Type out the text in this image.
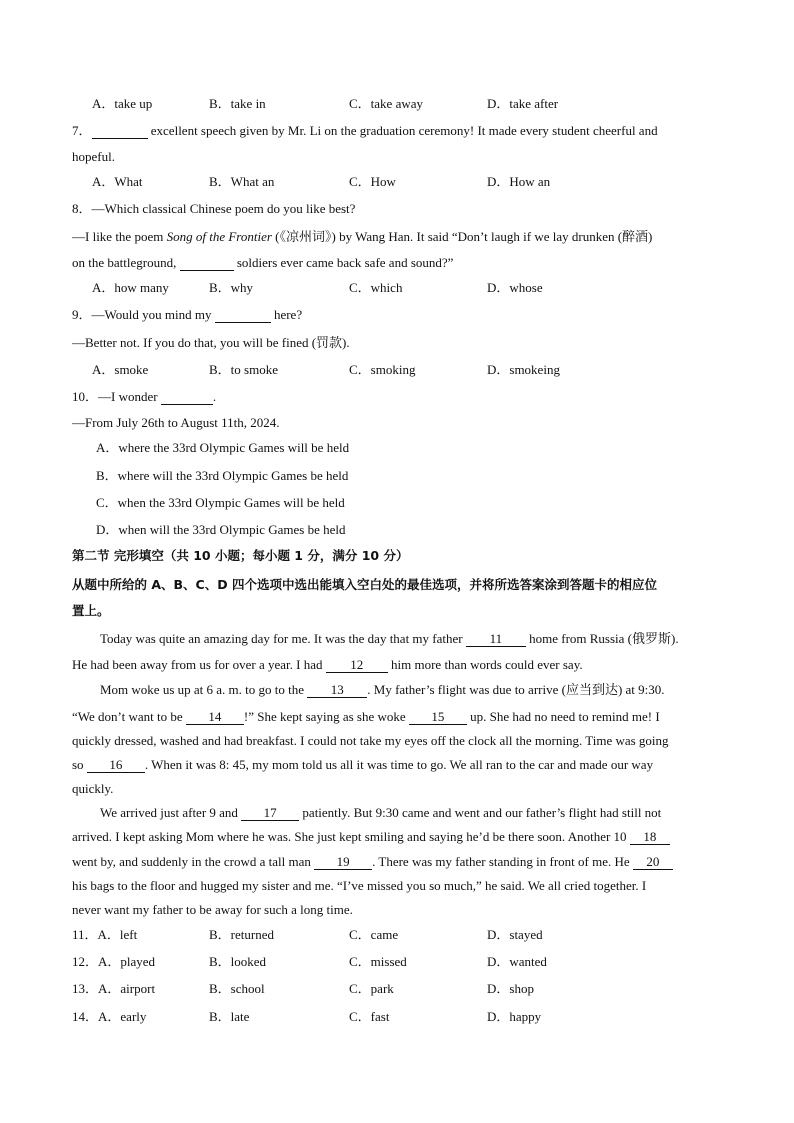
A．take up	B．take in	C．take away	D．take after
7．	excellent speech given by Mr. Li on the graduation ceremony! It made every student cheerful and
hopeful.
A．What	B．What an	C．How	D．How an
8．—Which classical Chinese poem do you like best?
—I like the poem Song of the Frontier (《凉州词》) by Wang Han. It said “Don’t laugh if we lay drunken (醉酒)
on the battleground,	soldiers ever came back safe and sound?”
A．how many	B．why	C．which	D．whose
9．—Would you mind my	here?
—Better not. If you do that, you will be fined (罚款).
A．smoke	B．to smoke	C．smoking	D．smokeing
10．—I wonder	.
—From July 26th to August 11th, 2024.
A．where the 33rd Olympic Games will be held
B．where will the 33rd Olympic Games be held
C．when the 33rd Olympic Games will be held
D．when will the 33rd Olympic Games be held
第二节 完形填空（共 10 小题；每小题 1 分，满分 10 分）
从题中所给的 A、B、C、D 四个选项中选出能填入空白处的最佳选项，并将所选答案涂到答题卡的相应位
置上。
Today was quite an amazing day for me. It was the day that my father 11 home from Russia (俄罗斯).
He had been away from us for over a year. I had 12 him more than words could ever say.
Mom woke us up at 6 a. m. to go to the 13 . My father’s flight was due to arrive (应当到达) at 9:30.
“We don’t want to be 14 !” She kept saying as she woke 15 up. She had no need to remind me! I
quickly dressed, washed and had breakfast. I could not take my eyes off the clock all the morning. Time was going
so 16 . When it was 8: 45, my mom told us all it was time to go. We all ran to the car and made our way
quickly.
We arrived just after 9 and 17 patiently. But 9:30 came and went and our father’s flight had still not
arrived. I kept asking Mom where he was. She just kept smiling and saying he’d be there soon. Another 10 18
went by, and suddenly in the crowd a tall man 19 . There was my father standing in front of me. He 20
his bags to the floor and hugged my sister and me. “I’ve missed you so much,” he said. We all cried together. I
never want my father to be away for such a long time.
11．A．left	B．returned	C．came	D．stayed
12．A．played	B．looked	C．missed	D．wanted
13．A．airport	B．school	C．park	D．shop
14．A．early	B．late	C．fast	D．happy
